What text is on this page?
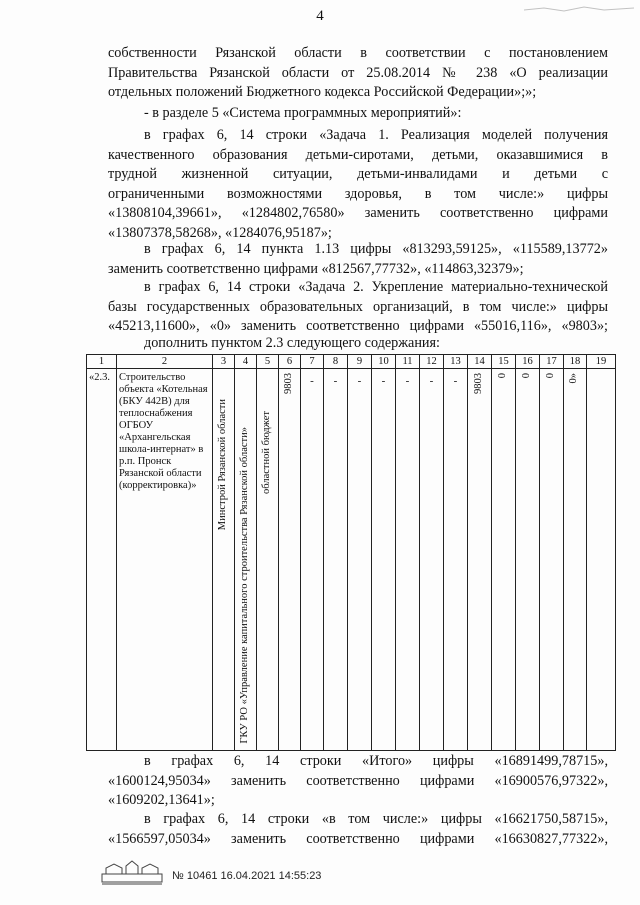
4
собственности Рязанской области в соответствии с постановлением
Правительства Рязанской области от 25.08.2014 № 238 «О реализации
отдельных положений Бюджетного кодекса Российской Федерации»;»;
- в разделе 5 «Система программных мероприятий»:
в графах 6, 14 строки «Задача 1. Реализация моделей получения
качественного образования детьми-сиротами, детьми, оказавшимися в
трудной жизненной ситуации, детьми-инвалидами и детьми с
ограниченными возможностями здоровья, в том числе:» цифры
«13808104,39661», «1284802,76580» заменить соответственно цифрами
«13807378,58268», «1284076,95187»;
в графах 6, 14 пункта 1.13 цифры «813293,59125», «115589,13772»
заменить соответственно цифрами «812567,77732», «114863,32379»;
в графах 6, 14 строки «Задача 2. Укрепление материально-технической
базы государственных образовательных организаций, в том числе:» цифры
«45213,11600», «0» заменить соответственно цифрами «55016,116», «9803»;
дополнить пунктом 2.3 следующего содержания:
1	2	3	4	5	6	7	8	9	10	11	12	13	14	15	16	17	18	19
«2.3.	Строительство объекта «Котельная (БКУ 442В) для теплоснабжения ОГБОУ «Архангельская школа-интернат» в р.п. Пронск Рязанской области (корректировка)»	Минстрой Рязанской области	ГКУ РО «Управление капитального строительства Рязанской области»	областной бюджет	9803	-	-	-	-	-	-	-	9803	0	0	0	0»	

в графах 6, 14 строки «Итого» цифры «16891499,78715»,
«1600124,95034» заменить соответственно цифрами «16900576,97322»,
«1609202,13641»;
в графах 6, 14 строки «в том числе:» цифры «16621750,58715»,
«1566597,05034» заменить соответственно цифрами «16630827,77322»,
№ 10461 16.04.2021 14:55:23
